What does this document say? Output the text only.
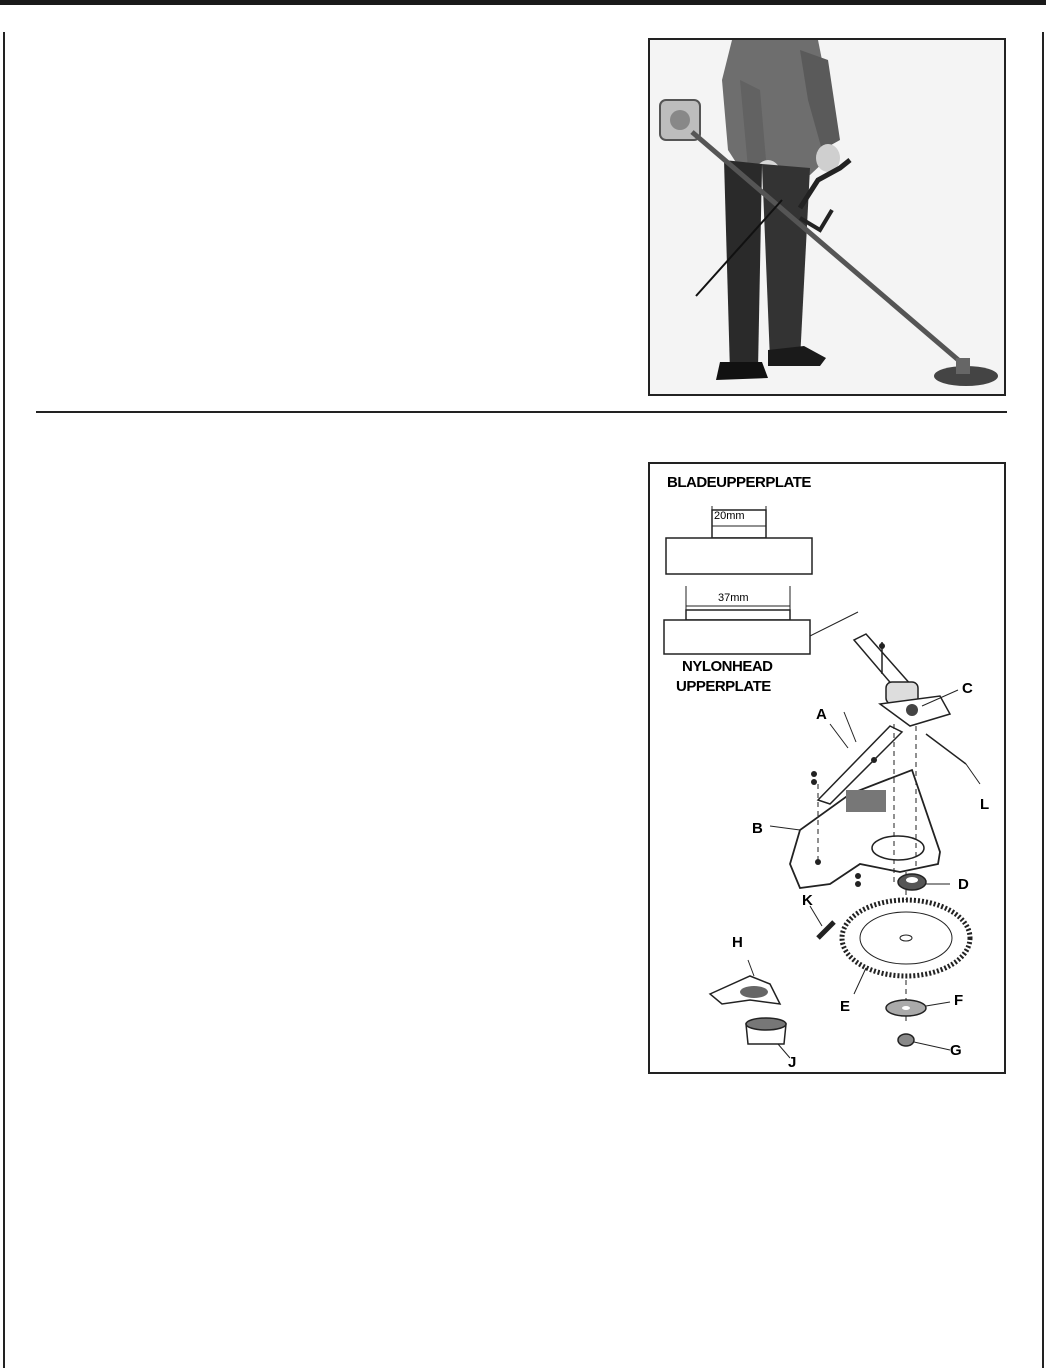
BLADEUPPERPLATE
20mm
37mm
NYLONHEAD
UPPERPLATE	C
A
L
B
D
K
H
E	F
G
J
